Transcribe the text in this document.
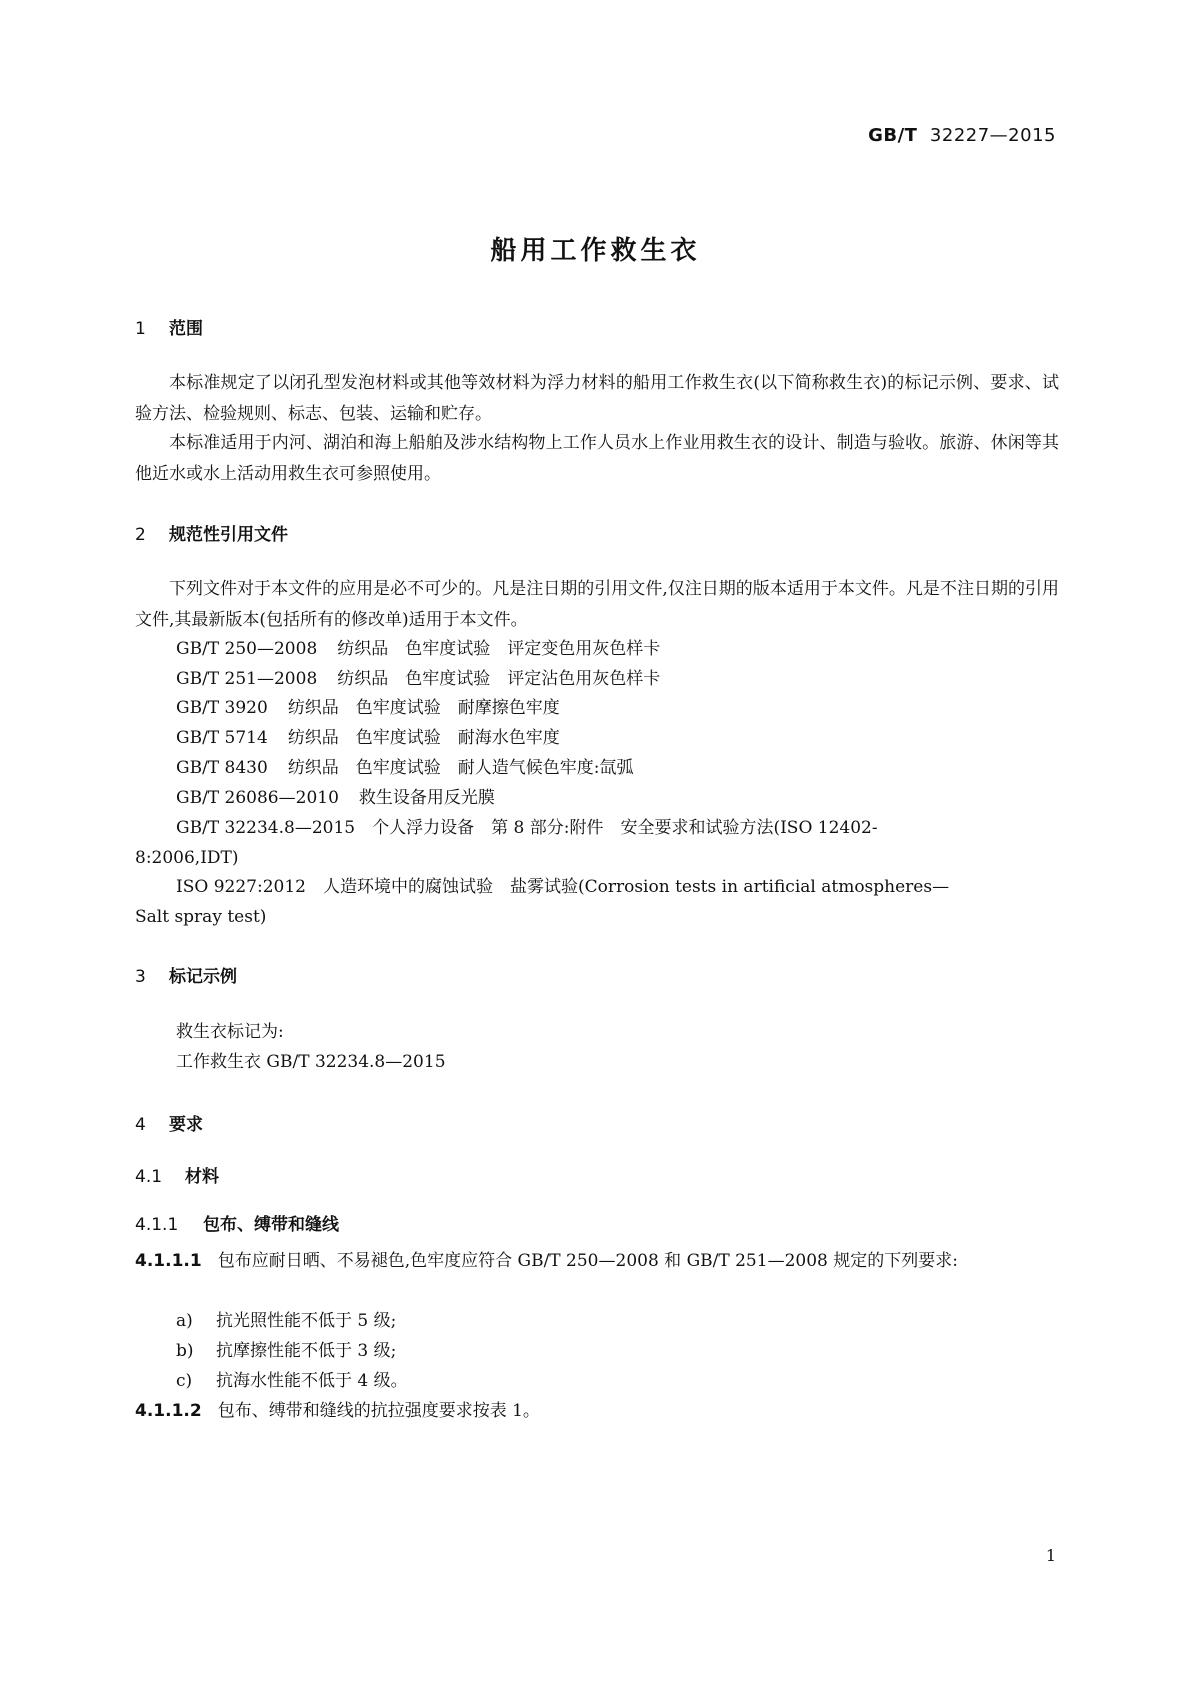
GB/T 32227—2015
船用工作救生衣
1 范围
本标准规定了以闭孔型发泡材料或其他等效材料为浮力材料的船用工作救生衣(以下简称救生衣)的标记示例、要求、试验方法、检验规则、标志、包装、运输和贮存。
本标准适用于内河、湖泊和海上船舶及涉水结构物上工作人员水上作业用救生衣的设计、制造与验收。旅游、休闲等其他近水或水上活动用救生衣可参照使用。
2 规范性引用文件
下列文件对于本文件的应用是必不可少的。凡是注日期的引用文件,仅注日期的版本适用于本文件。凡是不注日期的引用文件,其最新版本(包括所有的修改单)适用于本文件。
GB/T 250—2008 纺织品　色牢度试验　评定变色用灰色样卡
GB/T 251—2008 纺织品　色牢度试验　评定沾色用灰色样卡
GB/T 3920 纺织品　色牢度试验　耐摩擦色牢度
GB/T 5714 纺织品　色牢度试验　耐海水色牢度
GB/T 8430 纺织品　色牢度试验　耐人造气候色牢度:氙弧
GB/T 26086—2010 救生设备用反光膜
GB/T 32234.8—2015　个人浮力设备　第 8 部分:附件　安全要求和试验方法(ISO 12402-
8:2006,IDT)
ISO 9227:2012　人造环境中的腐蚀试验　盐雾试验(Corrosion tests in artificial atmospheres—
Salt spray test)
3 标记示例
救生衣标记为:
工作救生衣 GB/T 32234.8—2015
4 要求
4.1 材料
4.1.1 包布、缚带和缝线
4.1.1.1 包布应耐日晒、不易褪色,色牢度应符合 GB/T 250—2008 和 GB/T 251—2008 规定的下列要求:
a) 抗光照性能不低于 5 级;
b) 抗摩擦性能不低于 3 级;
c) 抗海水性能不低于 4 级。
4.1.1.2 包布、缚带和缝线的抗拉强度要求按表 1。
1
